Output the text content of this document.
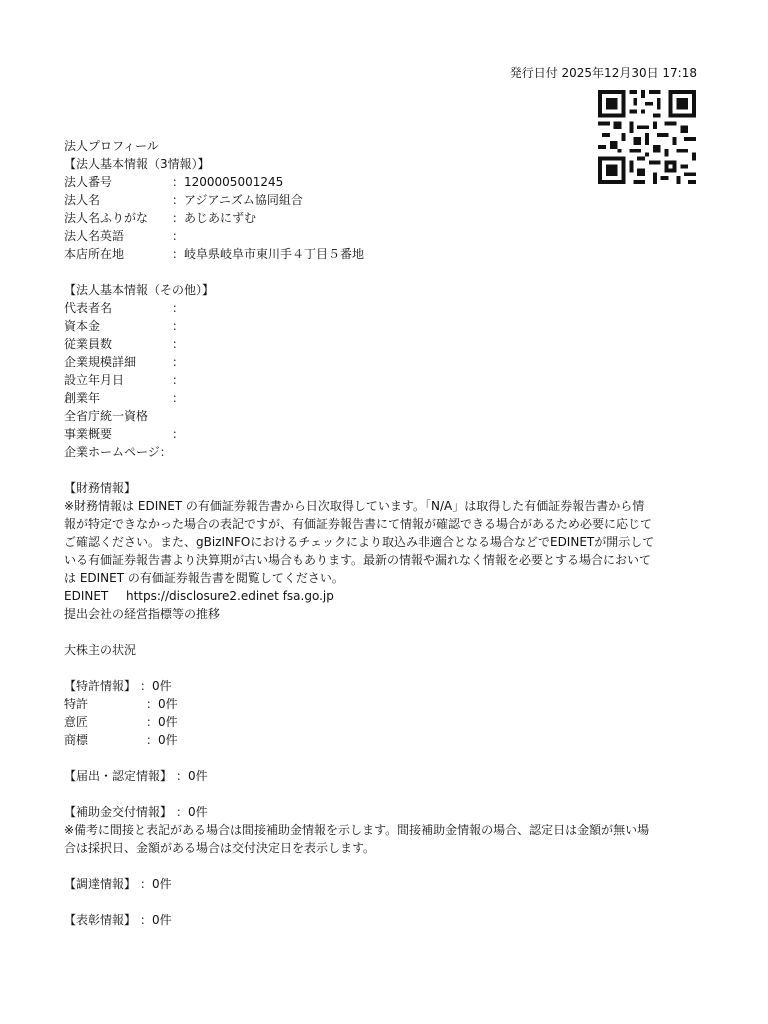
発行日付 2025年12月30日 17:18
法人プロフィール
【法人基本情報（3情報）】
法人番号	：1200005001245
法人名	：アジアニズム協同組合
法人名ふりがな	：あじあにずむ
法人名英語	：
本店所在地	：岐阜県岐阜市東川手４丁目５番地
【法人基本情報（その他）】
代表者名	：
資本金	：
従業員数	：
企業規模詳細	：
設立年月日	：
創業年	：
全省庁統一資格
事業概要	：
企業ホームページ ：
【財務情報】
※財務情報は EDINET の有価証券報告書から日次取得しています。「N/A」は取得した有価証券報告書から情
報が特定できなかった場合の表記ですが、有価証券報告書にて情報が確認できる場合があるため必要に応じて
ご確認ください。また、gBizINFOにおけるチェックにより取込み非適合となる場合などでEDINETが開示して
いる有価証券報告書より決算期が古い場合もあります。最新の情報や漏れなく情報を必要とする場合において
は EDINET の有価証券報告書を閲覧してください。
EDINET	https://disclosure2.edinet fsa.go.jp
提出会社の経営指標等の推移
大株主の状況
【特許情報】 ：0件
特許	：0件
意匠	：0件
商標	：0件
【届出・認定情報】 ：0件
【補助金交付情報】 ：0件
※備考に間接と表記がある場合は間接補助金情報を示します。間接補助金情報の場合、認定日は金額が無い場
合は採択日、金額がある場合は交付決定日を表示します。
【調達情報】 ：0件
【表彰情報】 ：0件
